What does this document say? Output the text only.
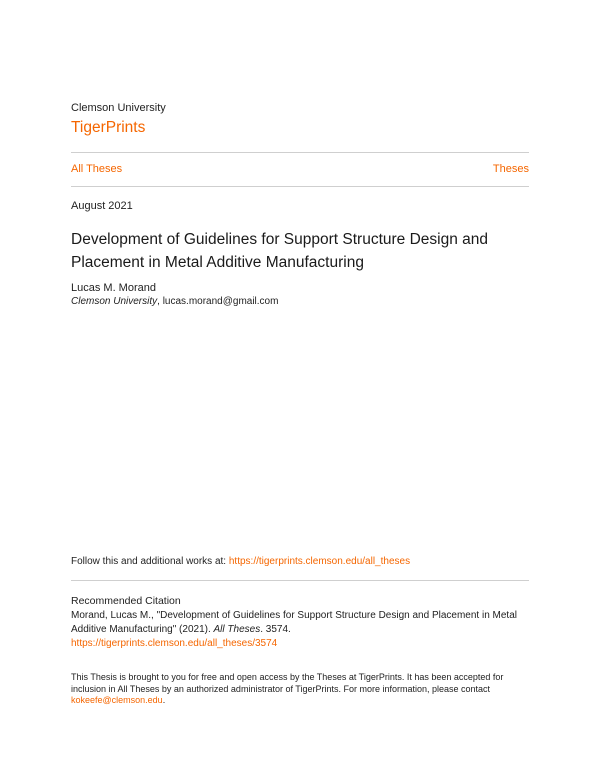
Clemson University
TigerPrints
All Theses	Theses
August 2021
Development of Guidelines for Support Structure Design and Placement in Metal Additive Manufacturing
Lucas M. Morand
Clemson University, lucas.morand@gmail.com
Follow this and additional works at: https://tigerprints.clemson.edu/all_theses
Recommended Citation
Morand, Lucas M., "Development of Guidelines for Support Structure Design and Placement in Metal Additive Manufacturing" (2021). All Theses. 3574.
https://tigerprints.clemson.edu/all_theses/3574
This Thesis is brought to you for free and open access by the Theses at TigerPrints. It has been accepted for inclusion in All Theses by an authorized administrator of TigerPrints. For more information, please contact kokeefe@clemson.edu.
